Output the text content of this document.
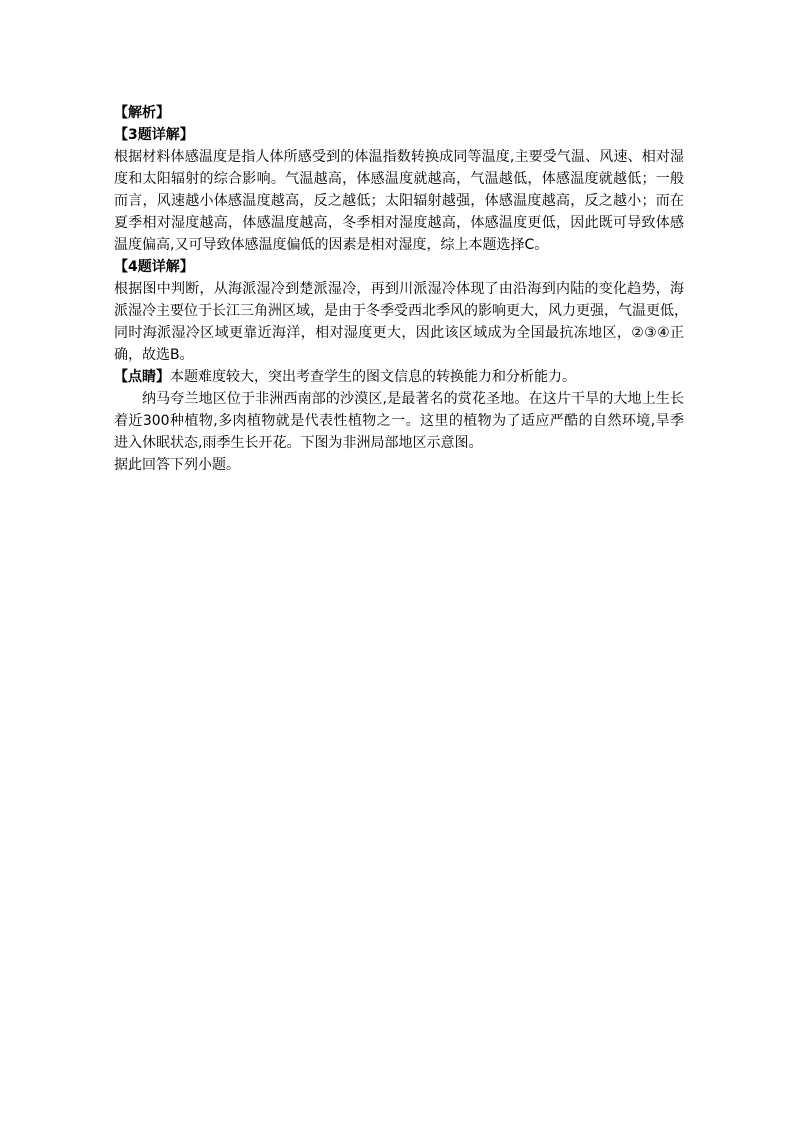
【解析】

【3题详解】

根据材料体感温度是指人体所感受到的体温指数转换成同等温度,主要受气温、风速、相对湿

度和太阳辐射的综合影响。气温越高，体感温度就越高，气温越低，体感温度就越低；一般

而言，风速越小体感温度越高，反之越低；太阳辐射越强，体感温度越高，反之越小；而在

夏季相对湿度越高，体感温度越高，冬季相对湿度越高，体感温度更低，因此既可导致体感

温度偏高,又可导致体感温度偏低的因素是相对湿度，综上本题选择C。

【4题详解】

根据图中判断，从海派湿冷到楚派湿冷，再到川派湿冷体现了由沿海到内陆的变化趋势，海

派湿冷主要位于长江三角洲区域，是由于冬季受西北季风的影响更大，风力更强，气温更低，

同时海派湿冷区域更靠近海洋，相对湿度更大，因此该区域成为全国最抗冻地区，②③④正

确，故选B。

【点睛】本题难度较大，突出考查学生的图文信息的转换能力和分析能力。

纳马夸兰地区位于非洲西南部的沙漠区,是最著名的赏花圣地。在这片干旱的大地上生长

着近300种植物,多肉植物就是代表性植物之一。这里的植物为了适应严酷的自然环境,旱季

进入休眠状态,雨季生长开花。下图为非洲局部地区示意图。

据此回答下列小题。
